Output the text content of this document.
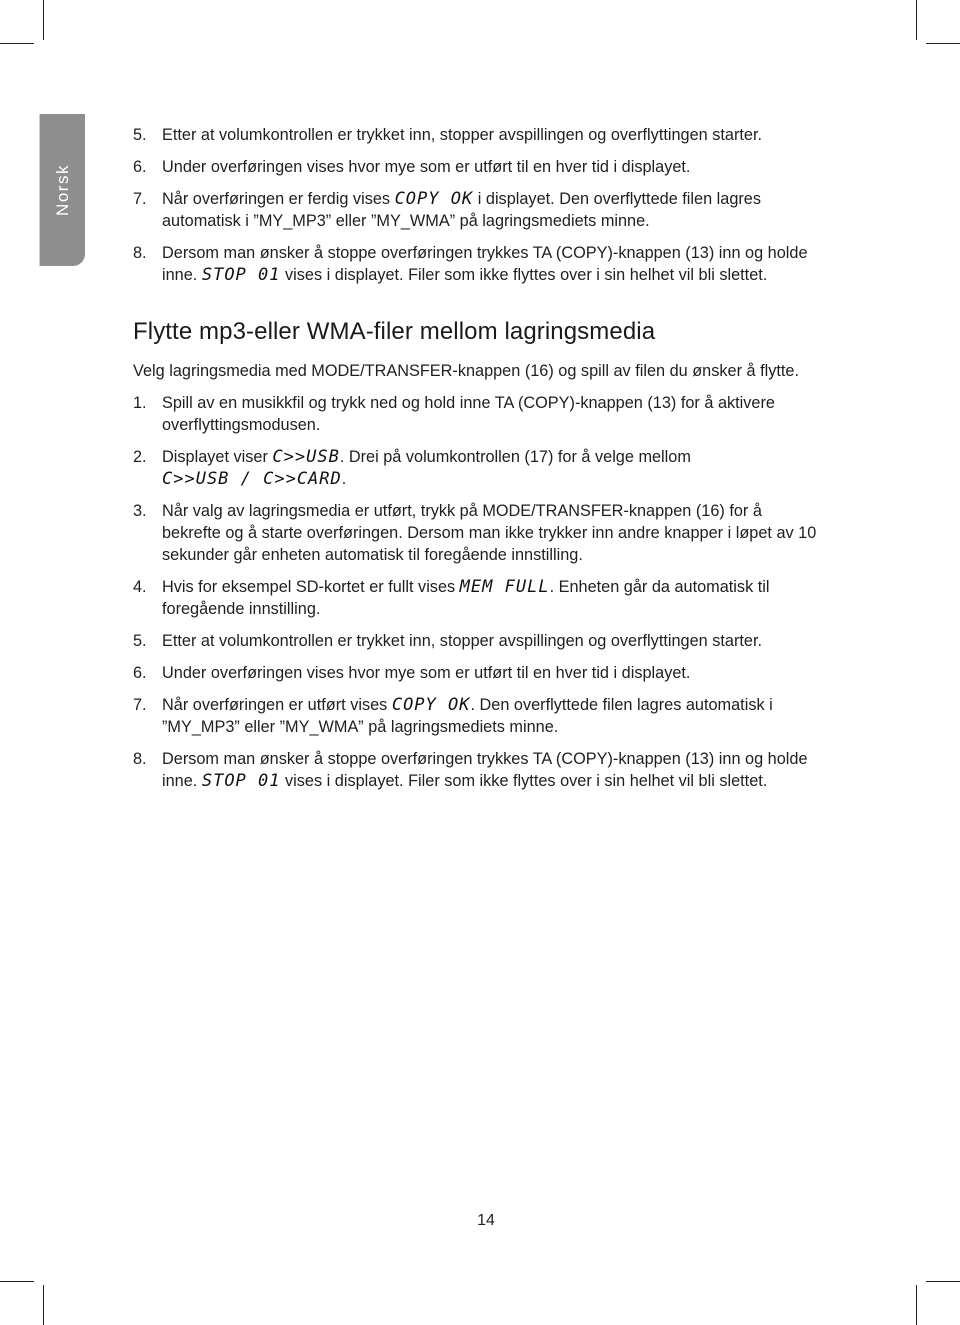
Norsk
5. Etter at volumkontrollen er trykket inn, stopper avspillingen og overflyttingen starter.
6. Under overføringen vises hvor mye som er utført til en hver tid i displayet.
7. Når overføringen er ferdig vises COPY OK i displayet. Den overflyttede filen lagres automatisk i ”MY_MP3” eller ”MY_WMA” på lagringsmediets minne.
8. Dersom man ønsker å stoppe overføringen trykkes TA (COPY)-knappen (13) inn og holde inne. STOP 01 vises i displayet. Filer som ikke flyttes over i sin helhet vil bli slettet.
Flytte mp3-eller WMA-filer mellom lagringsmedia

Velg lagringsmedia med MODE/TRANSFER-knappen (16) og spill av filen du ønsker å flytte.

1. Spill av en musikkfil og trykk ned og hold inne TA (COPY)-knappen (13) for å aktivere overflyttingsmodusen.
2. Displayet viser C>>USB. Drei på volumkontrollen (17) for å velge mellom
C>>USB / C>>CARD.
3. Når valg av lagringsmedia er utført, trykk på MODE/TRANSFER-knappen (16) for å bekrefte og å starte overføringen. Dersom man ikke trykker inn andre knapper i løpet av 10 sekunder går enheten automatisk til foregående innstilling.
4. Hvis for eksempel SD-kortet er fullt vises MEM FULL. Enheten går da automatisk til foregående innstilling.
5. Etter at volumkontrollen er trykket inn, stopper avspillingen og overflyttingen starter.
6. Under overføringen vises hvor mye som er utført til en hver tid i displayet.
7. Når overføringen er utført vises COPY OK. Den overflyttede filen lagres automatisk i ”MY_MP3” eller ”MY_WMA” på lagringsmediets minne.
8. Dersom man ønsker å stoppe overføringen trykkes TA (COPY)-knappen (13) inn og holde inne. STOP 01 vises i displayet. Filer som ikke flyttes over i sin helhet vil bli slettet.
14
